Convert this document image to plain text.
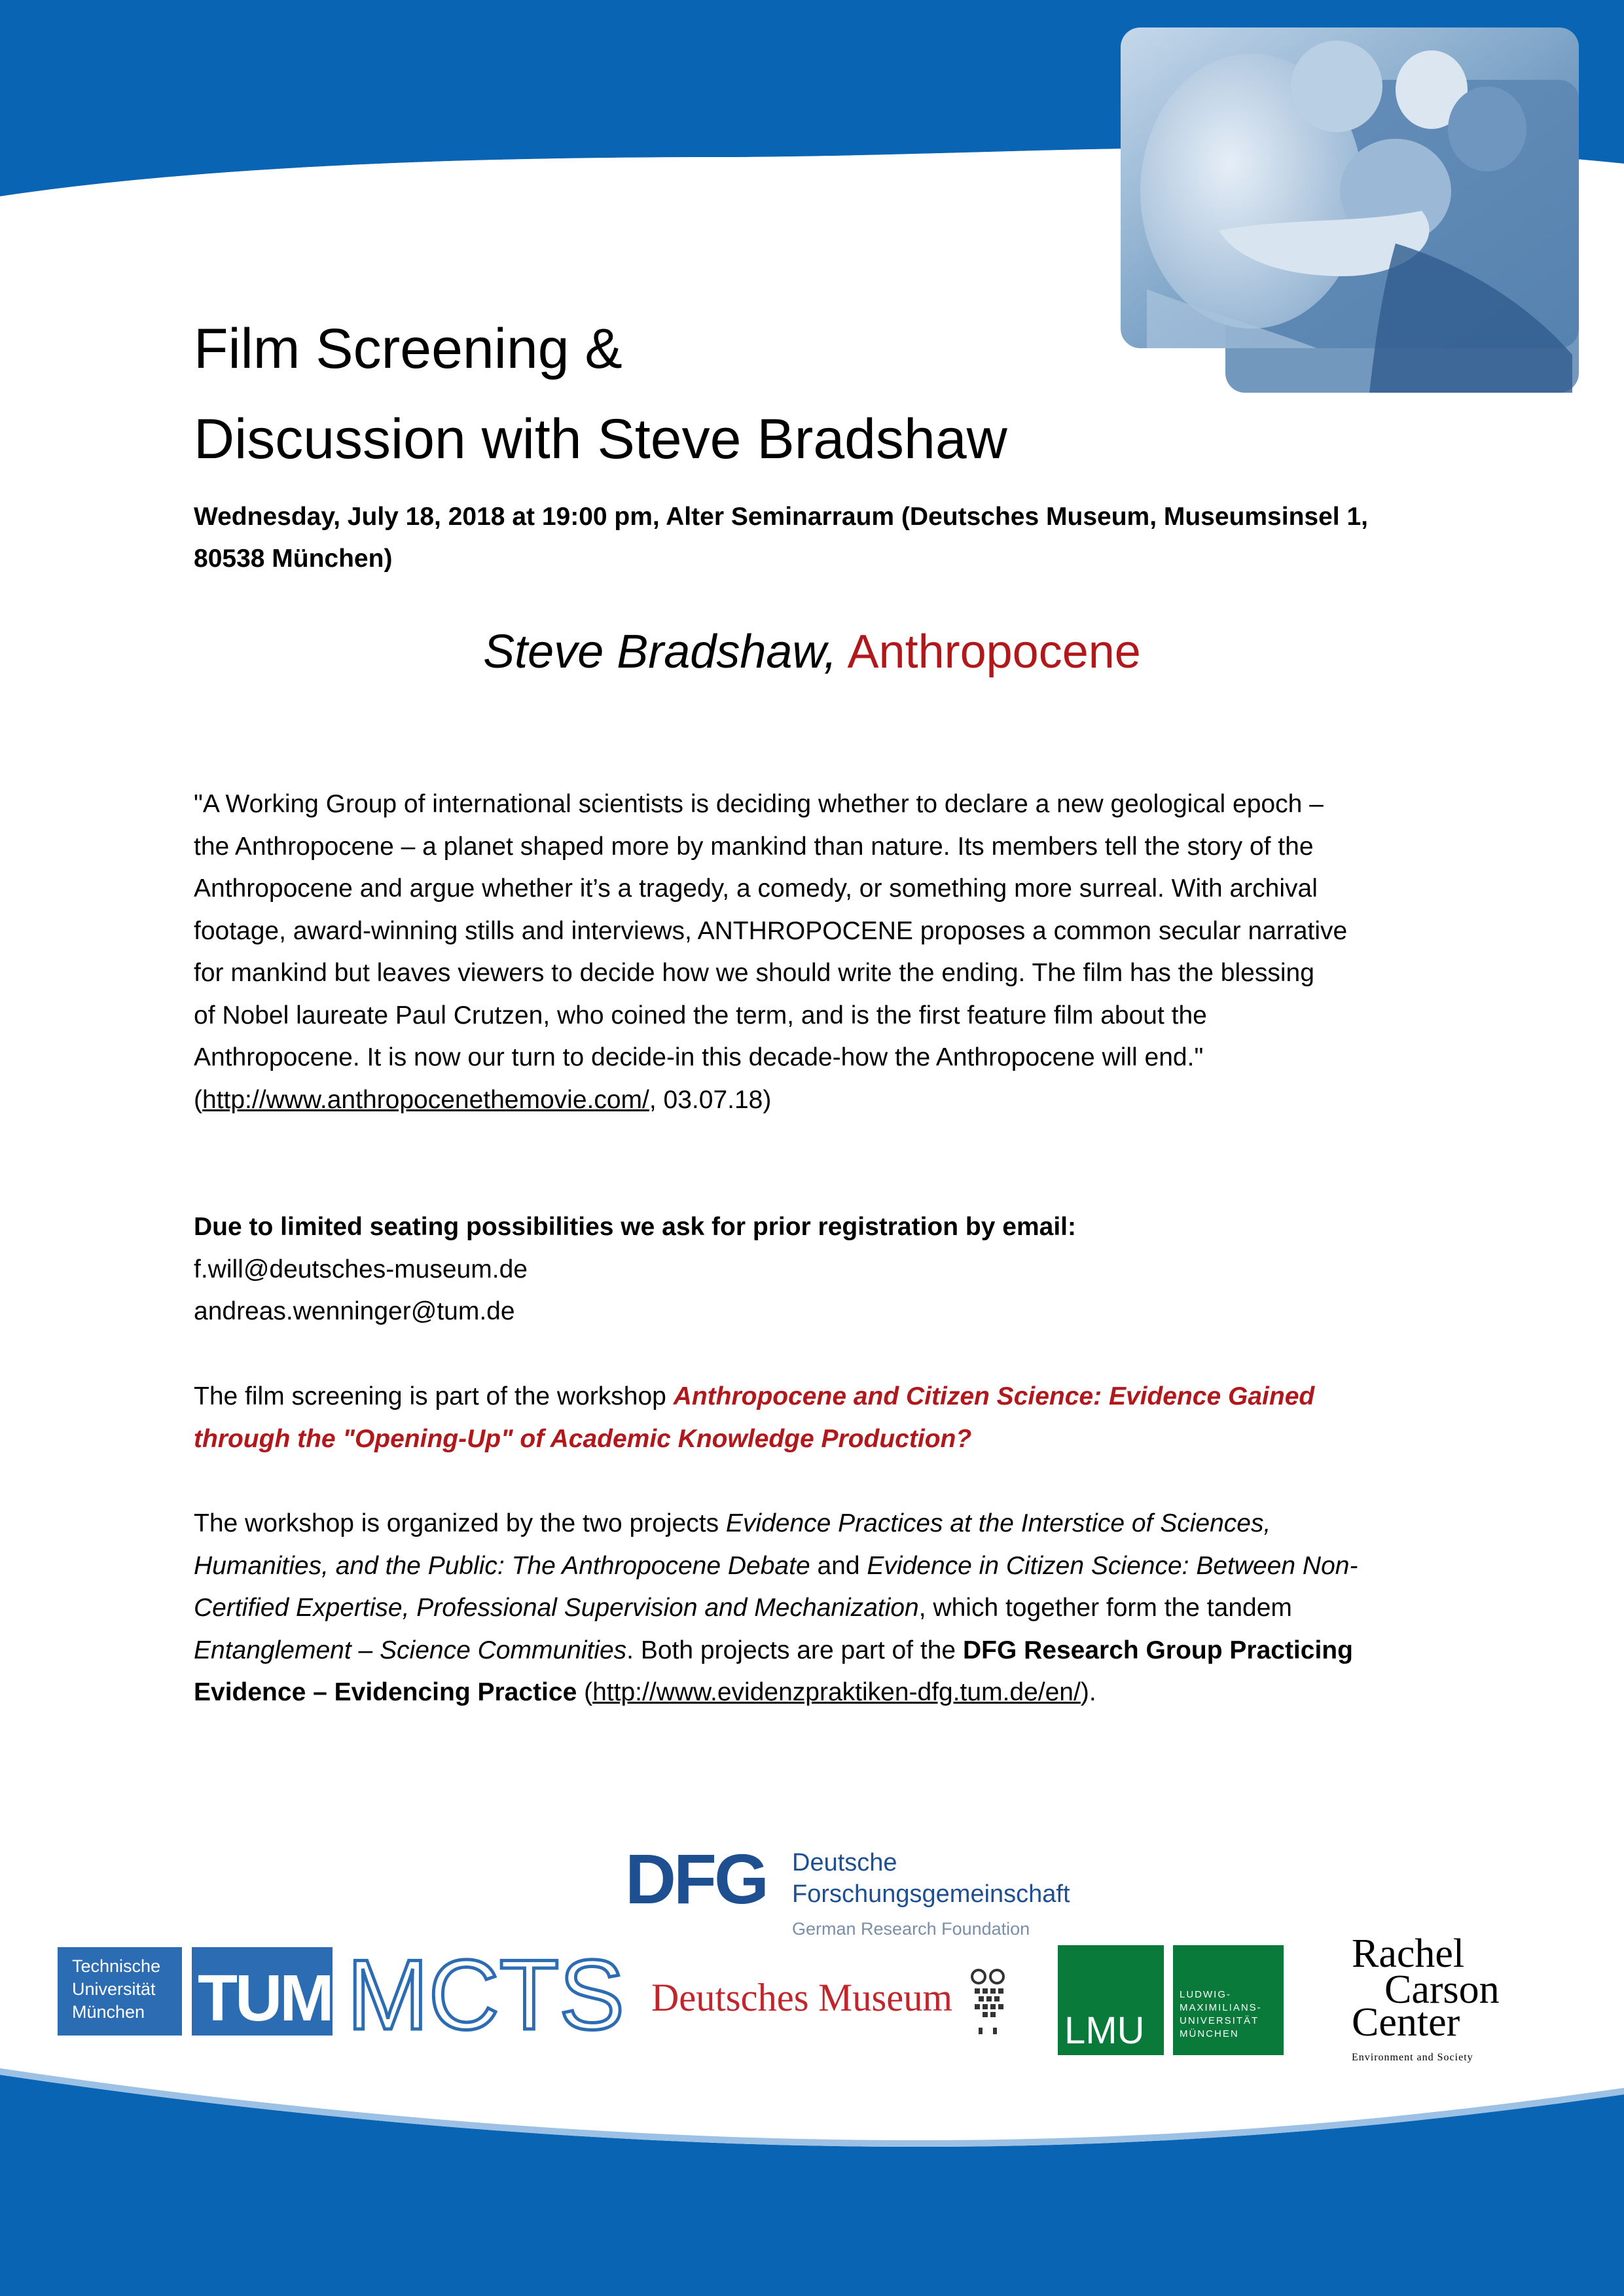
Film Screening &
Discussion with Steve Bradshaw
Wednesday, July 18, 2018 at 19:00 pm, Alter Seminarraum (Deutsches Museum, Museumsinsel 1,
80538 München)
Steve Bradshaw, Anthropocene
"A Working Group of international scientists is deciding whether to declare a new geological epoch –
the Anthropocene – a planet shaped more by mankind than nature. Its members tell the story of the
Anthropocene and argue whether it’s a tragedy, a comedy, or something more surreal. With archival
footage, award-winning stills and interviews, ANTHROPOCENE proposes a common secular narrative
for mankind but leaves viewers to decide how we should write the ending. The film has the blessing
of Nobel laureate Paul Crutzen, who coined the term, and is the first feature film about the
Anthropocene. It is now our turn to decide-in this decade-how the Anthropocene will end."
(http://www.anthropocenethemovie.com/, 03.07.18)
Due to limited seating possibilities we ask for prior registration by email:
f.will@deutsches-museum.de
andreas.wenninger@tum.de
The film screening is part of the workshop Anthropocene and Citizen Science: Evidence Gained
through the "Opening-Up" of Academic Knowledge Production?
The workshop is organized by the two projects Evidence Practices at the Interstice of Sciences,
Humanities, and the Public: The Anthropocene Debate and Evidence in Citizen Science: Between Non-
Certified Expertise, Professional Supervision and Mechanization, which together form the tandem
Entanglement – Science Communities. Both projects are part of the DFG Research Group Practicing
Evidence – Evidencing Practice (http://www.evidenzpraktiken-dfg.tum.de/en/).
DFG Deutsche
Forschungsgemeinschaft
German Research Foundation
Technische
Universität
München TUM MCTS Deutsches Museum
LMU
LUDWIG-
MAXIMILIANS-
UNIVERSITÄT
MÜNCHEN
Rachel
Carson
Center
Environment and Society
